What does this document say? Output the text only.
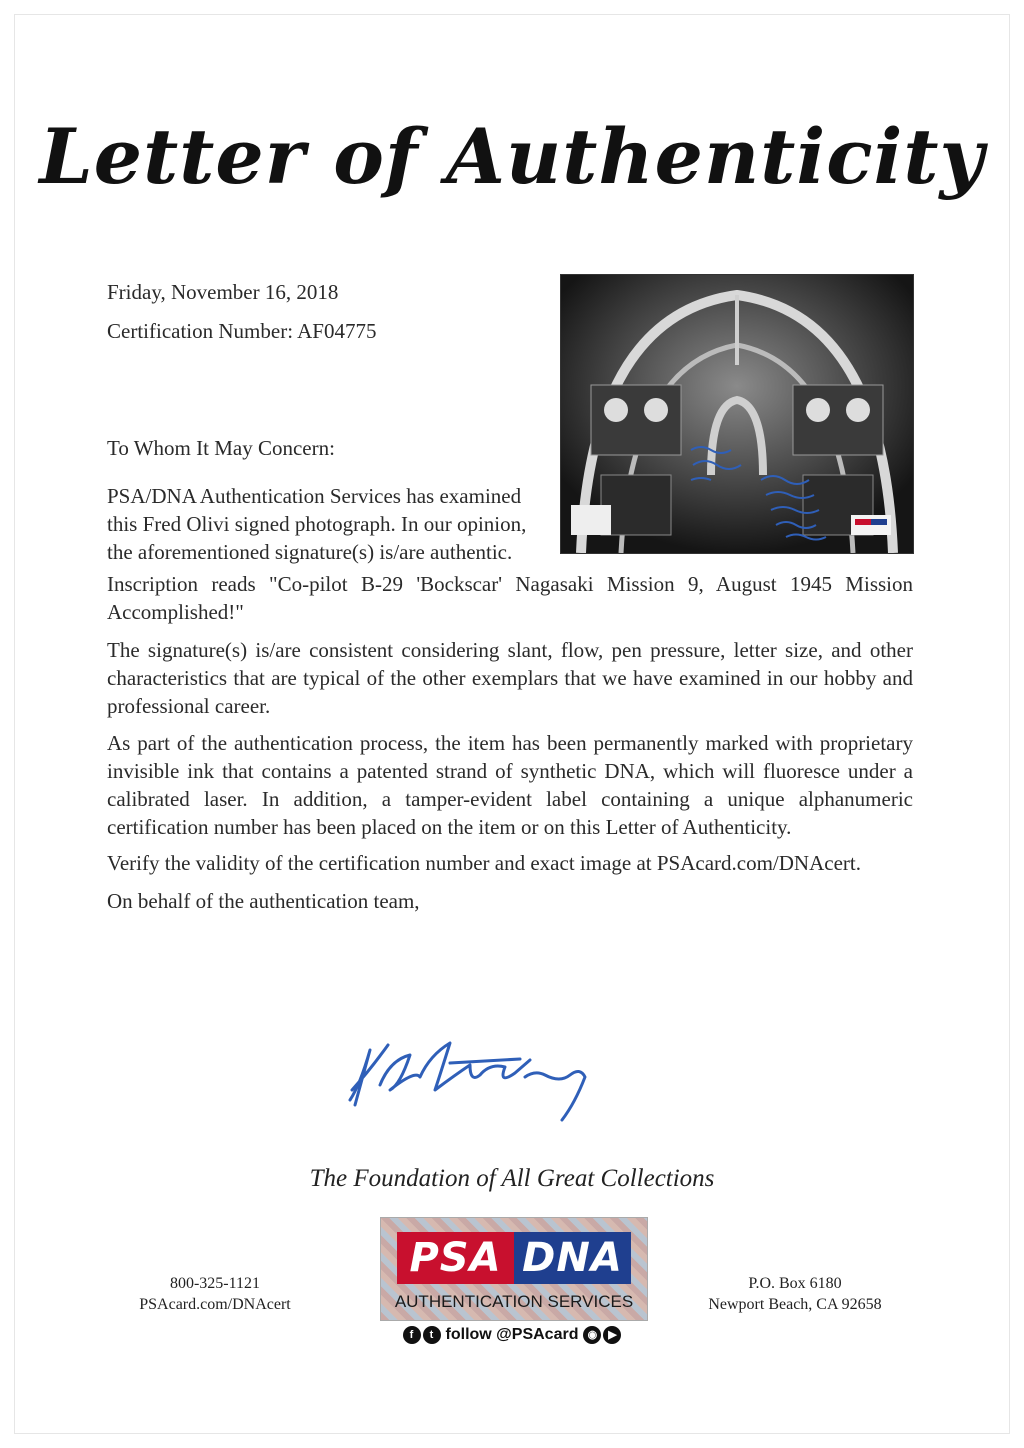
Letter of Authenticity
Friday, November 16, 2018
Certification Number: AF04775
To Whom It May Concern:
PSA/DNA Authentication Services has examined this Fred Olivi signed photograph. In our opinion, the aforementioned signature(s) is/are authentic.
Inscription reads "Co-pilot B-29 'Bockscar' Nagasaki Mission 9, August 1945 Mission Accomplished!"
The signature(s) is/are consistent considering slant, flow, pen pressure, letter size, and other characteristics that are typical of the other exemplars that we have examined in our hobby and professional career.
As part of the authentication process, the item has been permanently marked with proprietary invisible ink that contains a patented strand of synthetic DNA, which will fluoresce under a calibrated laser. In addition, a tamper-evident label containing a unique alphanumeric certification number has been placed on the item or on this Letter of Authenticity.
Verify the validity of the certification number and exact image at PSAcard.com/DNAcert.
On behalf of the authentication team,
The Foundation of All Great Collections
800-325-1121
PSAcard.com/DNAcert
PSA DNA
AUTHENTICATION SERVICES
P.O. Box 6180
Newport Beach, CA 92658
f t follow @PSAcard ◉ ▶
